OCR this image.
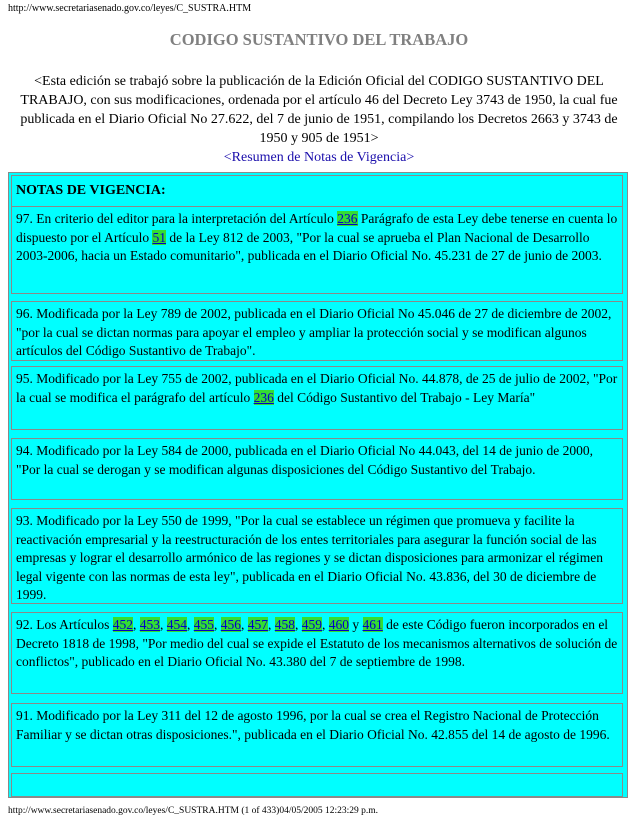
http://www.secretariasenado.gov.co/leyes/C_SUSTRA.HTM
CODIGO SUSTANTIVO DEL TRABAJO
<Esta edición se trabajó sobre la publicación de la Edición Oficial del CODIGO SUSTANTIVO DEL TRABAJO, con sus modificaciones, ordenada por el artículo 46 del Decreto Ley 3743 de 1950, la cual fue publicada en el Diario Oficial No 27.622, del 7 de junio de 1951, compilando los Decretos 2663 y 3743 de 1950 y 905 de 1951>
<Resumen de Notas de Vigencia>
NOTAS DE VIGENCIA:
97. En criterio del editor para la interpretación del Artículo 236 Parágrafo de esta Ley debe tenerse en cuenta lo dispuesto por el Artículo 51 de la Ley 812 de 2003, "Por la cual se aprueba el Plan Nacional de Desarrollo 2003-2006, hacia un Estado comunitario", publicada en el Diario Oficial No. 45.231 de 27 de junio de 2003.
96. Modificada por la Ley 789 de 2002, publicada en el Diario Oficial No 45.046 de 27 de diciembre de 2002, "por la cual se dictan normas para apoyar el empleo y ampliar la protección social y se modifican algunos artículos del Código Sustantivo de Trabajo".
95. Modificado por la Ley 755 de 2002, publicada en el Diario Oficial No. 44.878, de 25 de julio de 2002, "Por la cual se modifica el parágrafo del artículo 236 del Código Sustantivo del Trabajo - Ley María"
94. Modificado por la Ley 584 de 2000, publicada en el Diario Oficial No 44.043, del 14 de junio de 2000, "Por la cual se derogan y se modifican algunas disposiciones del Código Sustantivo del Trabajo.
93. Modificado por la Ley 550 de 1999, "Por la cual se establece un régimen que promueva y facilite la reactivación empresarial y la reestructuración de los entes territoriales para asegurar la función social de las empresas y lograr el desarrollo armónico de las regiones y se dictan disposiciones para armonizar el régimen legal vigente con las normas de esta ley", publicada en el Diario Oficial No. 43.836, del 30 de diciembre de 1999.
92. Los Artículos 452, 453, 454, 455, 456, 457, 458, 459, 460 y 461 de este Código fueron incorporados en el Decreto 1818 de 1998, "Por medio del cual se expide el Estatuto de los mecanismos alternativos de solución de conflictos", publicado en el Diario Oficial No. 43.380 del 7 de septiembre de 1998.
91. Modificado por la Ley 311 del 12 de agosto 1996, por la cual se crea el Registro Nacional de Protección Familiar y se dictan otras disposiciones.", publicada en el Diario Oficial No. 42.855 del 14 de agosto de 1996.
http://www.secretariasenado.gov.co/leyes/C_SUSTRA.HTM (1 of 433)04/05/2005 12:23:29 p.m.
